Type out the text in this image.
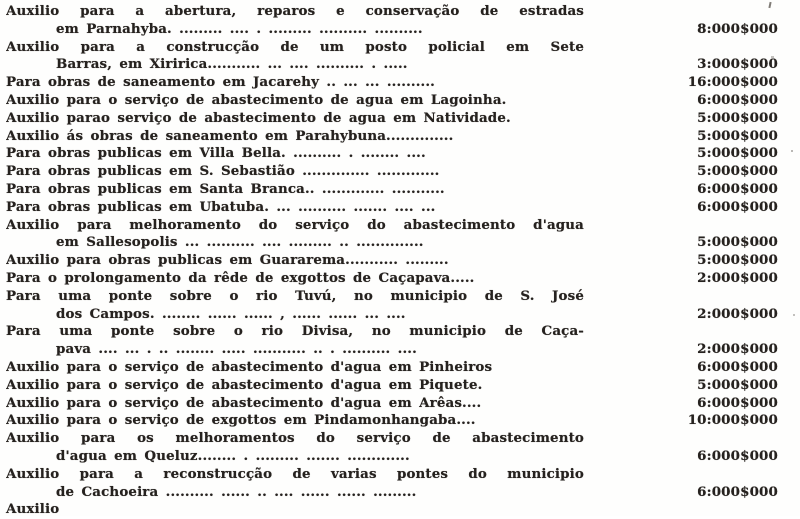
Auxilio para a abertura, reparos e conservação de estradas
em Parnahyba. ......... .... . ......... .......... ..........	8:000$000
Auxilio para a construcção de um posto policial em Sete
Barras, em Xiririca........... ... .... .......... . .....	3:000$000
Para obras de saneamento em Jacarehy .. ... ... ..........	16:000$000
Auxilio para o serviço de abastecimento de agua em Lagoinha.	6:000$000
Auxilio parao serviço de abastecimento de agua em Natividade.	5:000$000
Auxilio ás obras de saneamento em Parahybuna..............	5:000$000
Para obras publicas em Villa Bella. .......... . ........ ....	5:000$000
Para obras publicas em S. Sebastião .............. .............	5:000$000
Para obras publicas em Santa Branca.. ............. ...........	6:000$000
Para obras publicas em Ubatuba. ... .......... ....... .... ...	6:000$000
Auxilio para melhoramento do serviço do abastecimento d'agua
em Sallesopolis ... .......... .... ......... .. ..............	5:000$000
Auxilio para obras publicas em Guararema........... .........	5:000$000
Para o prolongamento da rêde de exgottos de Caçapava.....	2:000$000
Para uma ponte sobre o rio Tuvú, no municipio de S. José
dos Campos. ........ ...... ...... , ...... ...... ... ....	2:000$000
Para uma ponte sobre o rio Divisa, no municipio de Caça-
pava .... ... . .. ........ ..... ........... .. . .......... ....	2:000$000
Auxilio para o serviço de abastecimento d'agua em Pinheiros	6:000$000
Auxilio para o serviço de abastecimento d'agua em Piquete.	5:000$000
Auxilio para o serviço de abastecimento d'agua em Arêas....	6:000$000
Auxilio para o serviço de exgottos em Pindamonhangaba....	10:000$000
Auxilio para os melhoramentos do serviço de abastecimento
d'agua em Queluz........ . ......... ....... .............	6:000$000
Auxilio para a reconstrucção de varias pontes do municipio
de Cachoeira .......... ...... .. .... ...... ...... .........	6:000$000
Auxilio
